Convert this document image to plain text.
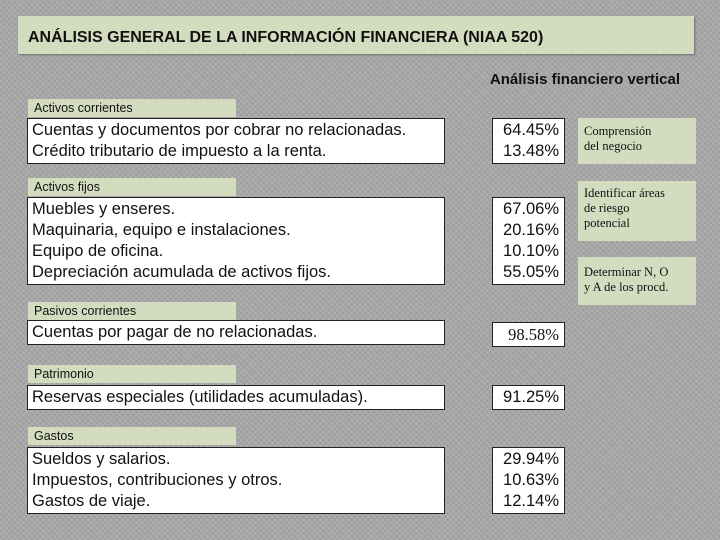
ANÁLISIS GENERAL DE LA INFORMACIÓN FINANCIERA (NIAA 520)
Análisis financiero vertical
Activos corrientes
Cuentas y documentos por cobrar no relacionadas.
Crédito tributario de impuesto a la renta.
64.45%
13.48%
Activos fijos
Muebles y enseres.
Maquinaria, equipo e instalaciones.
Equipo de oficina.
Depreciación acumulada de activos fijos.
67.06%
20.16%
10.10%
55.05%
Pasivos corrientes
Cuentas por pagar de no relacionadas.	98.58%
Patrimonio
Reservas especiales (utilidades acumuladas).	91.25%
Gastos
Sueldos y salarios.
Impuestos, contribuciones y otros.
Gastos de viaje.
29.94%
10.63%
12.14%
Comprensión
del negocio
Identificar áreas
de riesgo
potencial
Determinar N, O
y A de los procd.
